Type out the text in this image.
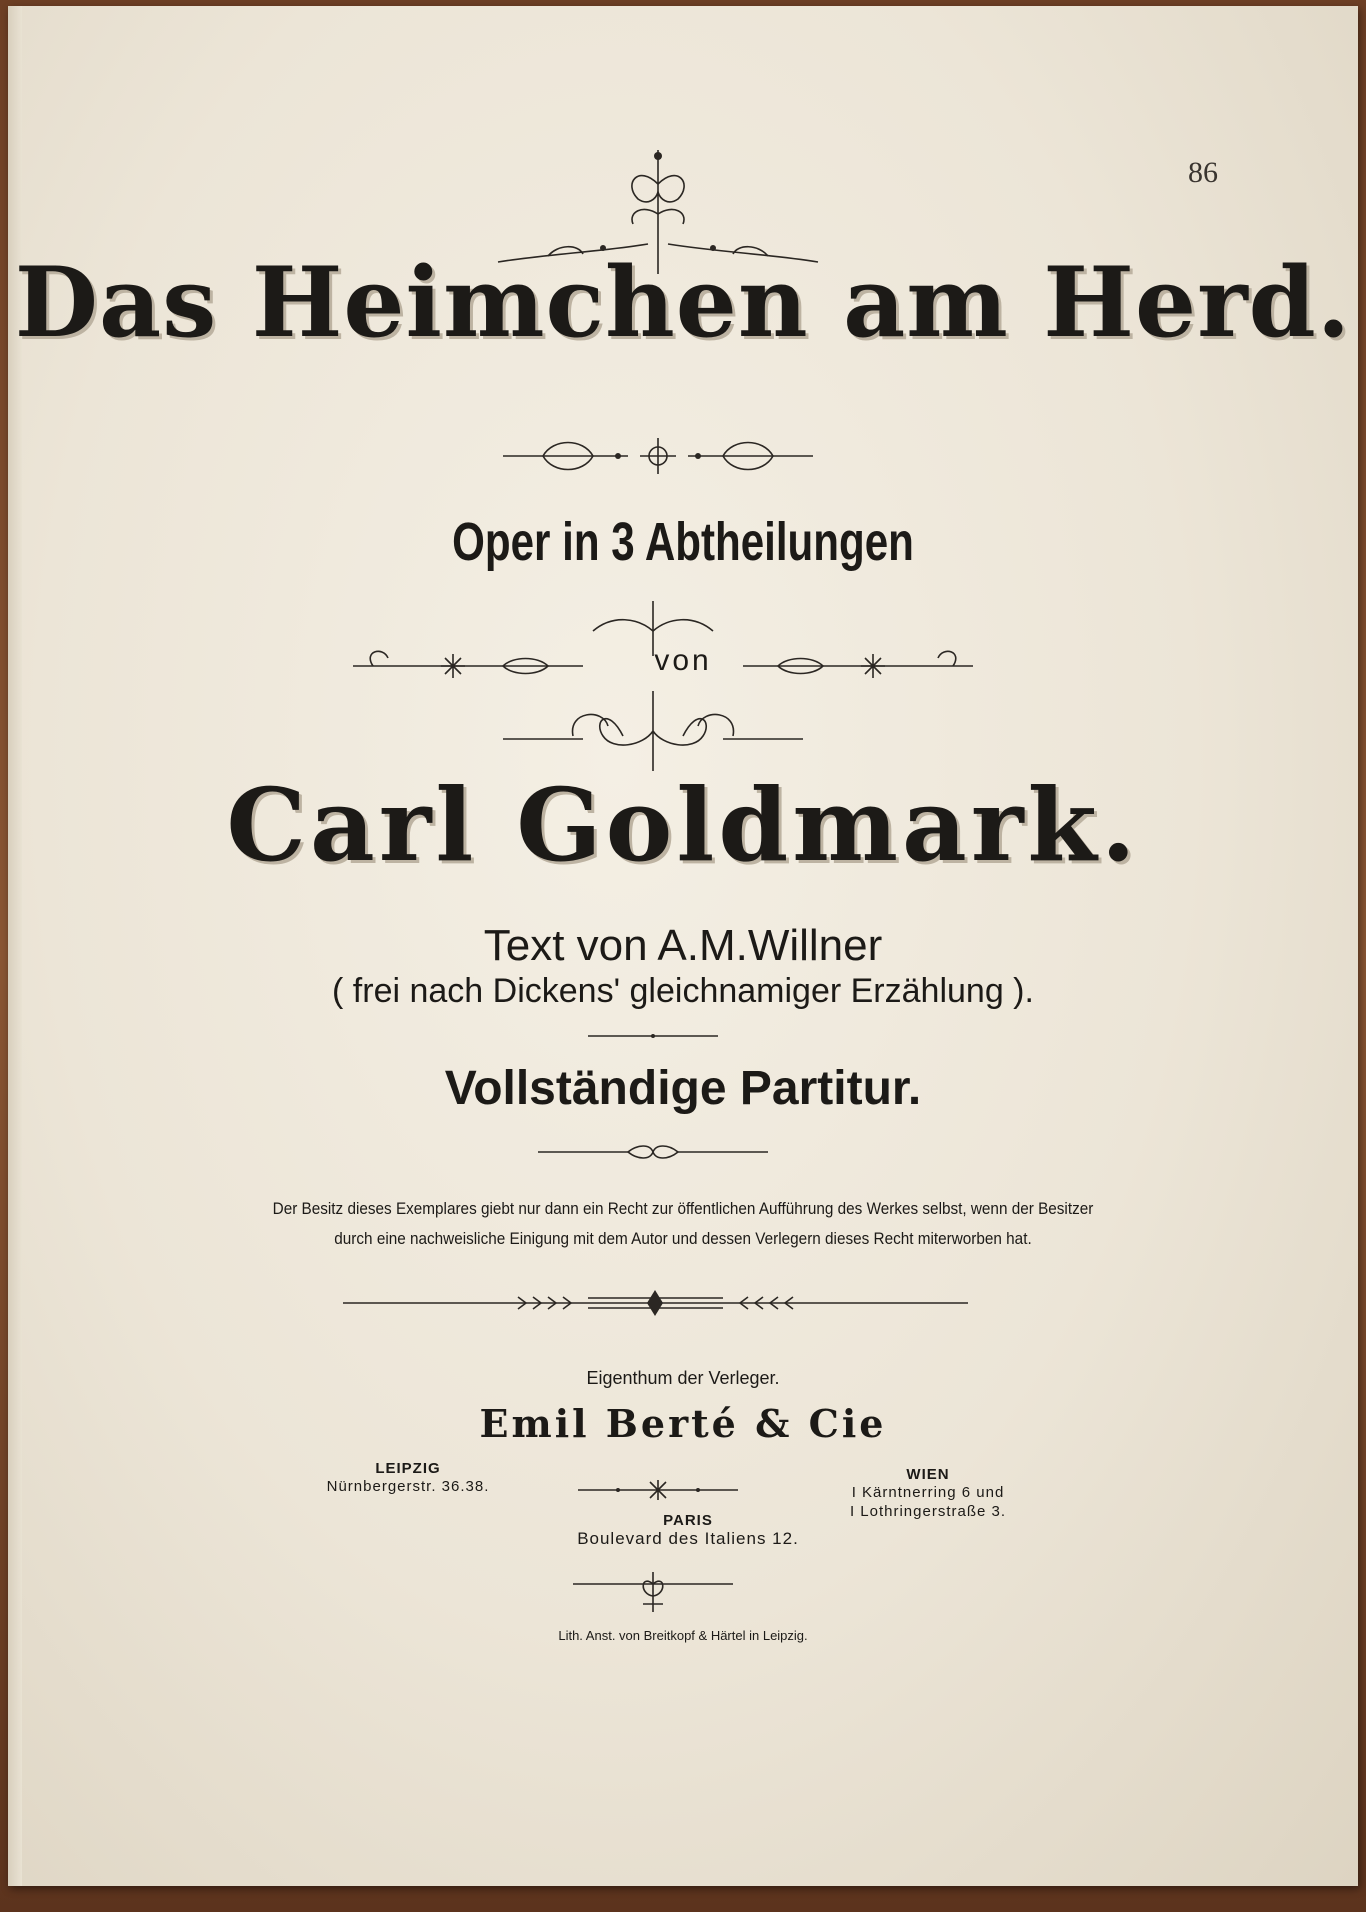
86
Das Heimchen am Herd.
Oper in 3 Abtheilungen
von
Carl Goldmark.
Text von A.M.Willner
( frei nach Dickens' gleichnamiger Erzählung ).
Vollständige Partitur.
Der Besitz dieses Exemplares giebt nur dann ein Recht zur öffentlichen Aufführung des Werkes selbst, wenn der Besitzer
durch eine nachweisliche Einigung mit dem Autor und dessen Verlegern dieses Recht miterworben hat.
Eigenthum der Verleger.
Emil Berté & Cie
LEIPZIG
Nürnbergerstr. 36.38.
WIEN
I Kärntnerring 6 und
I Lothringerstraße 3.
PARIS
Boulevard des Italiens 12.
Lith. Anst. von Breitkopf & Härtel in Leipzig.
